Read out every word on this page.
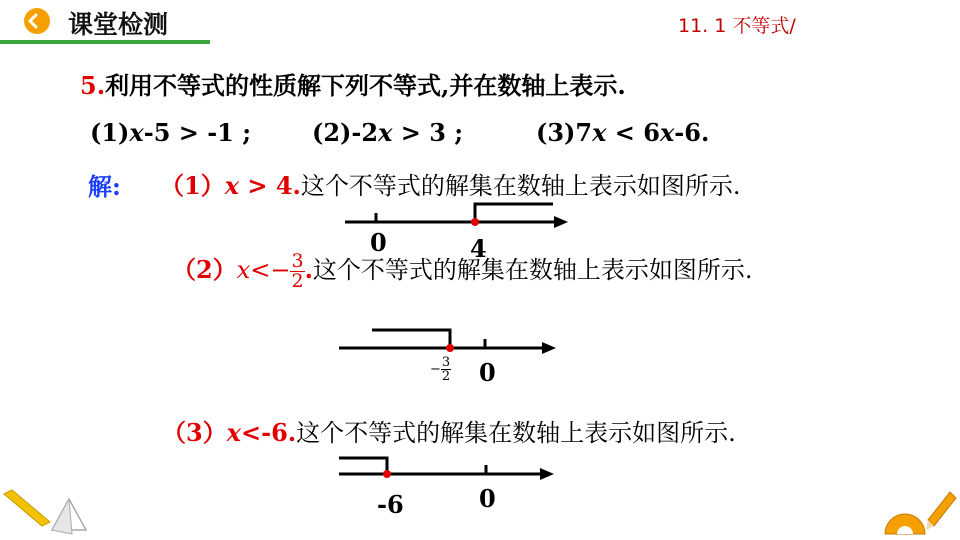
课堂检测	11. 1 不等式/
5.利用不等式的性质解下列不等式,并在数轴上表示.
(1)x-5 > -1 ;	(2)-2x > 3 ;	(3)7x < 6x-6.
解: （1）x > 4.这个不等式的解集在数轴上表示如图所示.
0	4
$(2)x<- \frac{3}{2}$ .这个不等式的解集在数轴上表示如图所示.
− $\frac{3}{2} 0$
（3）x<-6.这个不等式的解集在数轴上表示如图所示.
-6	0
